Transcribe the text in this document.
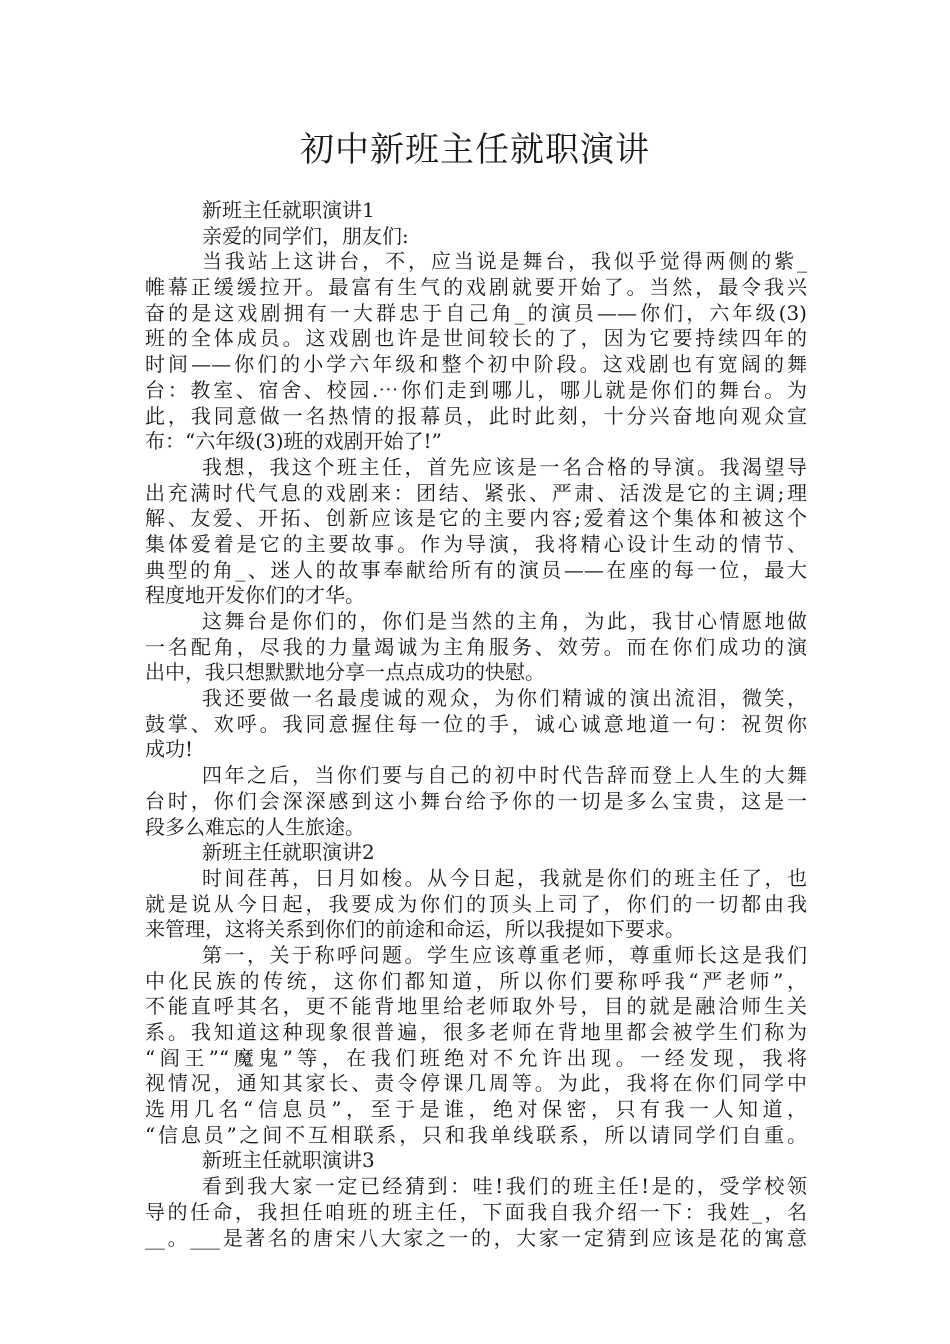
初中新班主任就职演讲
新班主任就职演讲1
亲爱的同学们，朋友们:
当我站上这讲台，不，应当说是舞台，我似乎觉得两侧的紫_
帷幕正缓缓拉开。最富有生气的戏剧就要开始了。当然，最令我兴
奋的是这戏剧拥有一大群忠于自己角_的演员——你们，六年级(3)
班的全体成员。这戏剧也许是世间较长的了，因为它要持续四年的
时间——你们的小学六年级和整个初中阶段。这戏剧也有宽阔的舞
台：教室、宿舍、校园.⋯你们走到哪儿，哪儿就是你们的舞台。为
此，我同意做一名热情的报幕员，此时此刻，十分兴奋地向观众宣
布：“六年级(3)班的戏剧开始了!”
我想，我这个班主任，首先应该是一名合格的导演。我渴望导
出充满时代气息的戏剧来：团结、紧张、严肃、活泼是它的主调;理
解、友爱、开拓、创新应该是它的主要内容;爱着这个集体和被这个
集体爱着是它的主要故事。作为导演，我将精心设计生动的情节、
典型的角_、迷人的故事奉献给所有的演员——在座的每一位，最大
程度地开发你们的才华。
这舞台是你们的，你们是当然的主角，为此，我甘心情愿地做
一名配角，尽我的力量竭诚为主角服务、效劳。而在你们成功的演
出中，我只想默默地分享一点点成功的快慰。
我还要做一名最虔诚的观众，为你们精诚的演出流泪，微笑，
鼓掌、欢呼。我同意握住每一位的手，诚心诚意地道一句：祝贺你
成功!
四年之后，当你们要与自己的初中时代告辞而登上人生的大舞
台时，你们会深深感到这小舞台给予你的一切是多么宝贵，这是一
段多么难忘的人生旅途。
新班主任就职演讲2
时间荏苒，日月如梭。从今日起，我就是你们的班主任了，也
就是说从今日起，我要成为你们的顶头上司了，你们的一切都由我
来管理，这将关系到你们的前途和命运，所以我提如下要求。
第一，关于称呼问题。学生应该尊重老师，尊重师长这是我们
中化民族的传统，这你们都知道，所以你们要称呼我“严老师”，
不能直呼其名，更不能背地里给老师取外号，目的就是融洽师生关
系。我知道这种现象很普遍，很多老师在背地里都会被学生们称为
“阎王”“魔鬼”等，在我们班绝对不允许出现。一经发现，我将
视情况，通知其家长、责令停课几周等。为此，我将在你们同学中
选用几名“信息员”，至于是谁，绝对保密，只有我一人知道，
“信息员”之间不互相联系，只和我单线联系，所以请同学们自重。
新班主任就职演讲3
看到我大家一定已经猜到：哇!我们的班主任!是的，受学校领
导的任命，我担任咱班的班主任，下面我自我介绍一下：我姓_，名
__。___是著名的唐宋八大家之一的，大家一定猜到应该是花的寓意
